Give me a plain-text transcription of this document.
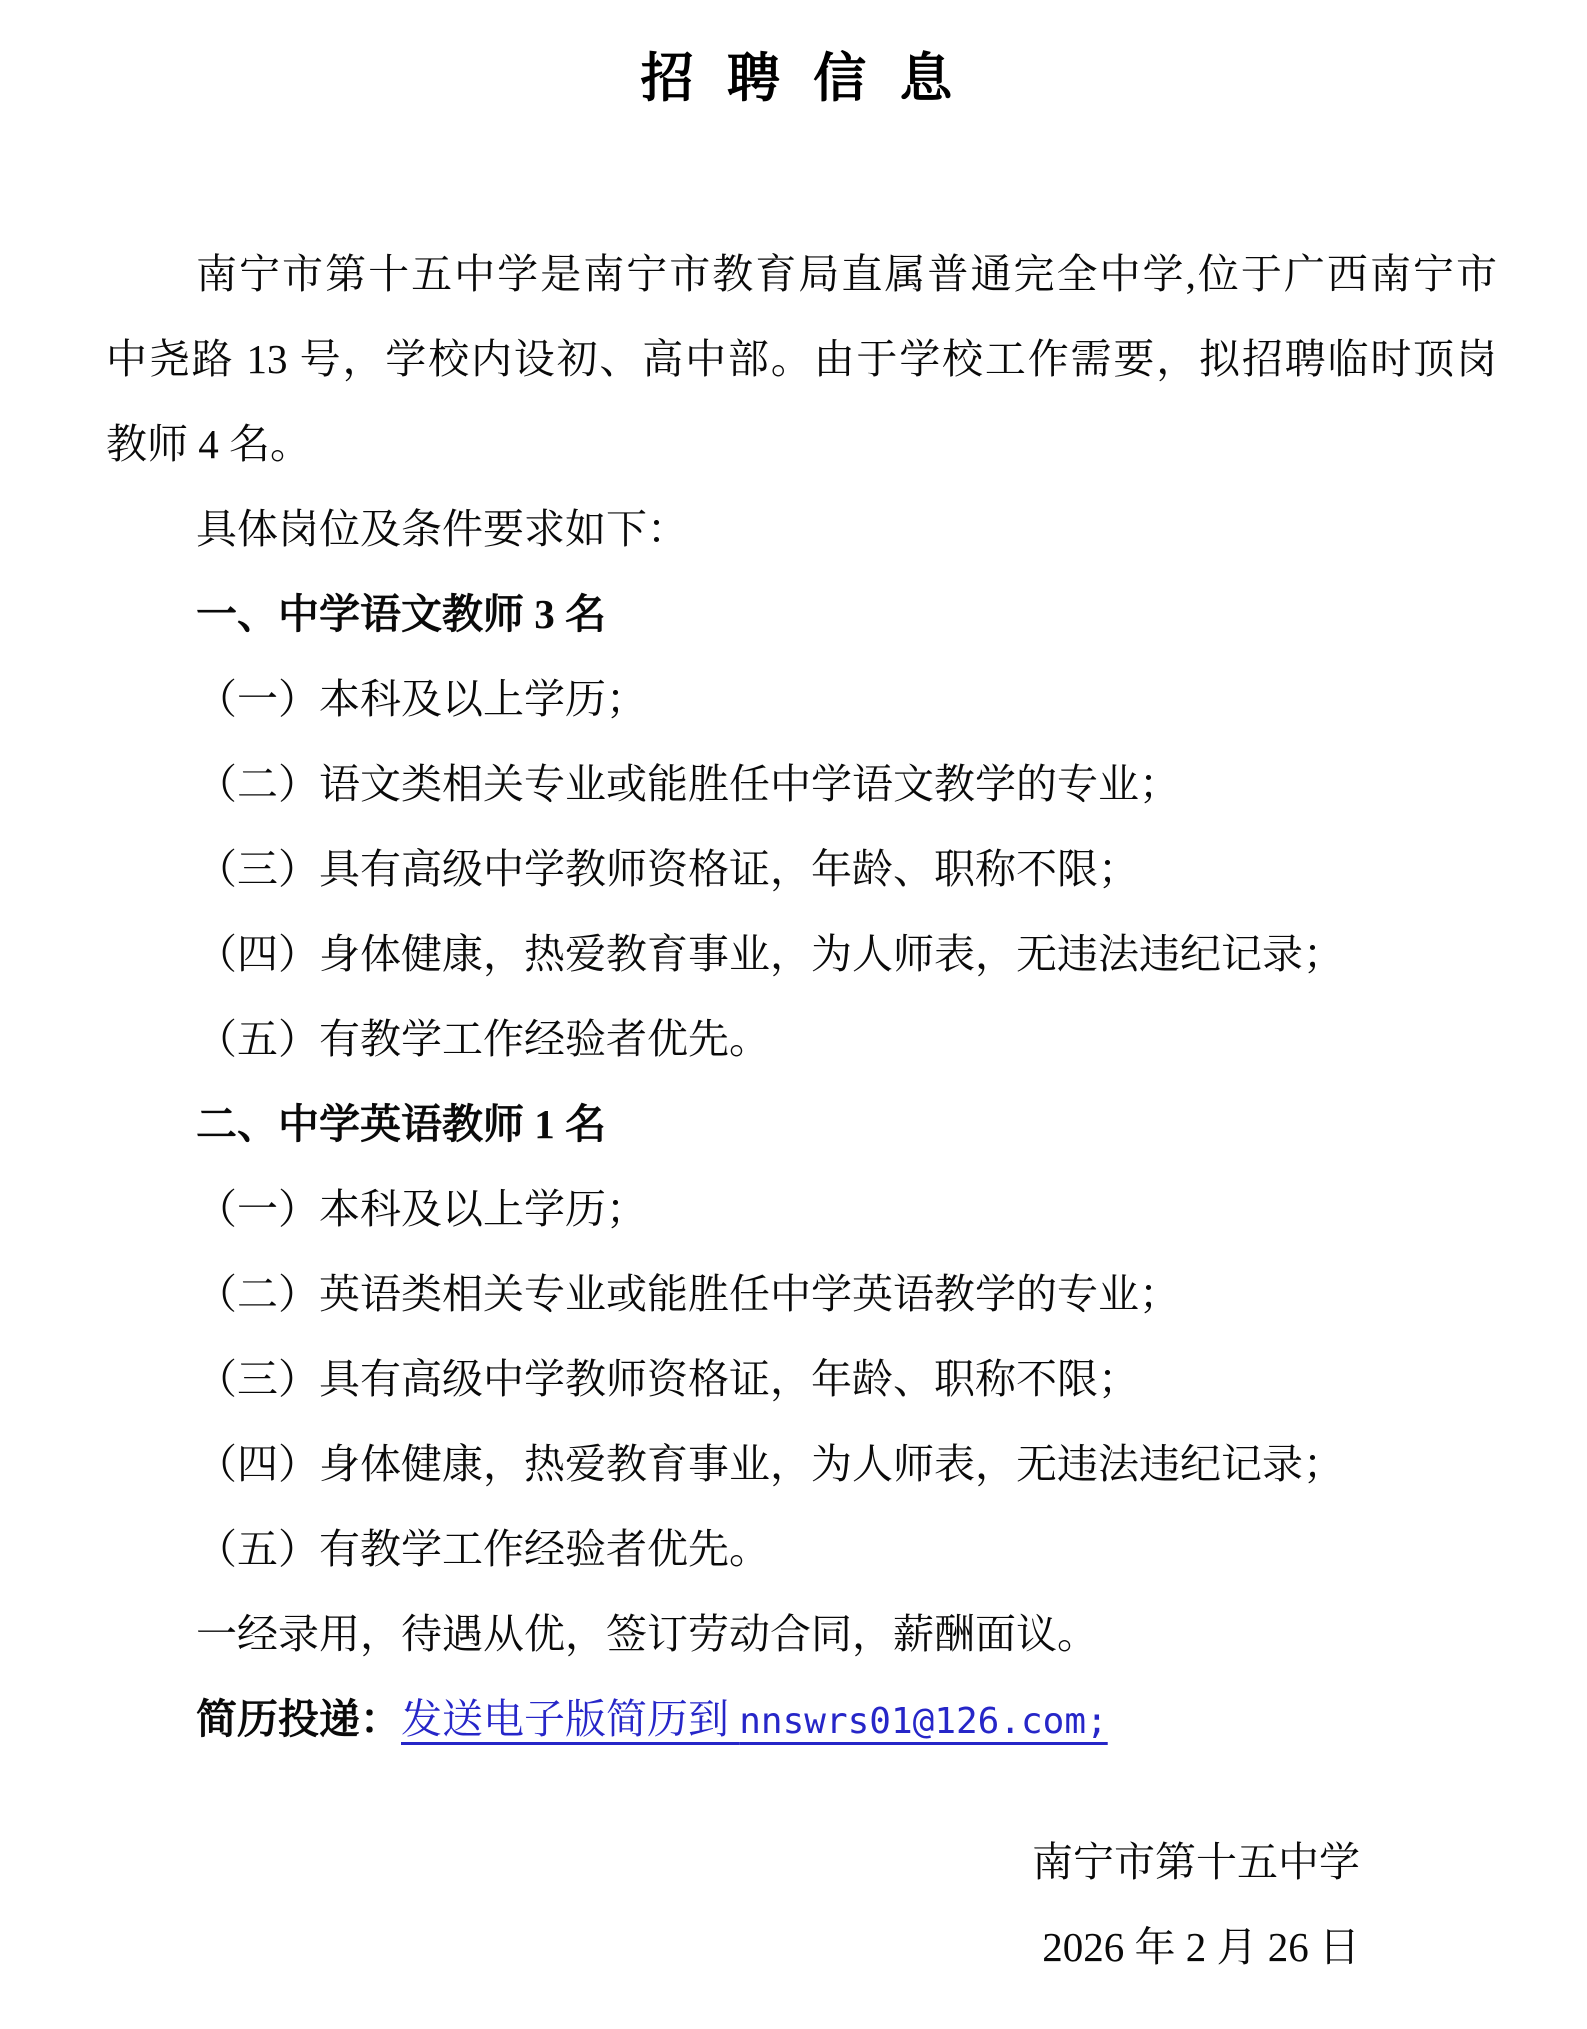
招 聘 信 息
南宁市第十五中学是南宁市教育局直属普通完全中学,位于广西南宁市
中尧路 13 号，学校内设初、高中部。由于学校工作需要，拟招聘临时顶岗
教师 4 名。
具体岗位及条件要求如下：
一、中学语文教师 3 名
（一）本科及以上学历；
（二）语文类相关专业或能胜任中学语文教学的专业；
（三）具有高级中学教师资格证，年龄、职称不限；
（四）身体健康，热爱教育事业，为人师表，无违法违纪记录；
（五）有教学工作经验者优先。
二、中学英语教师 1 名
（一）本科及以上学历；
（二）英语类相关专业或能胜任中学英语教学的专业；
（三）具有高级中学教师资格证，年龄、职称不限；
（四）身体健康，热爱教育事业，为人师表，无违法违纪记录；
（五）有教学工作经验者优先。
一经录用，待遇从优，签订劳动合同，薪酬面议。
简历投递：发送电子版简历到 nnswrs01@126.com;
南宁市第十五中学
2026 年 2 月 26 日
